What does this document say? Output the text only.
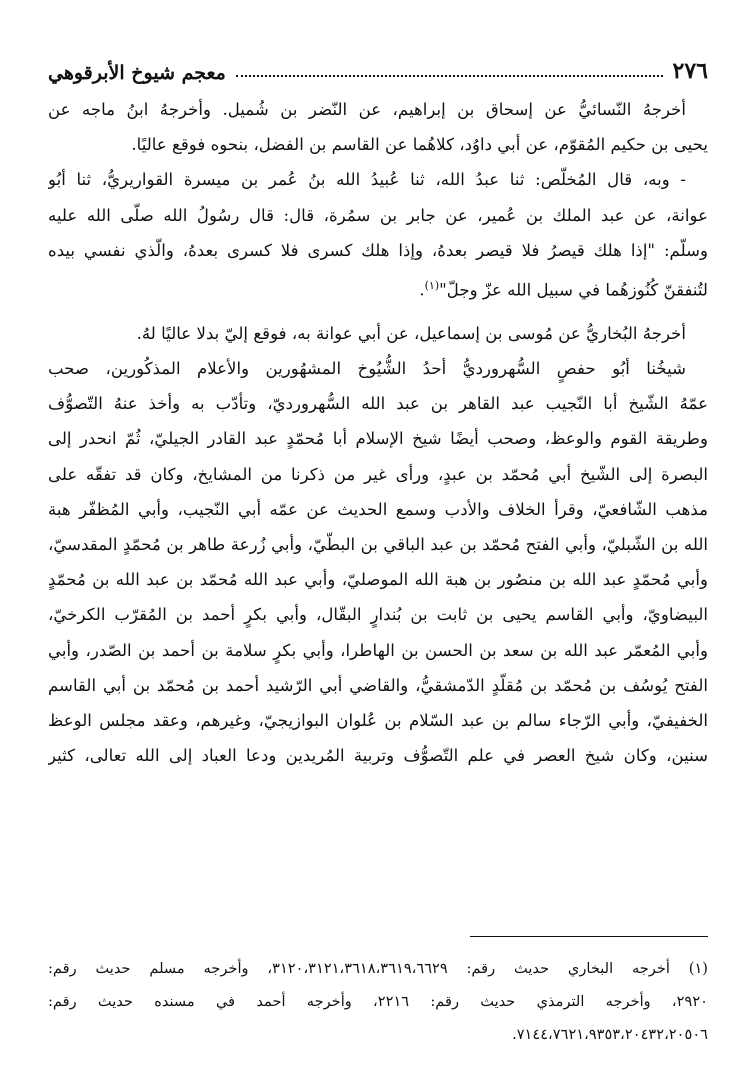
٢٧٦
معجم شيوخ الأبرقوهي
أخرجهُ النّسائيُّ عن إسحاق بن إبراهيم، عن النّضر بن شُميل. وأخرجهُ ابنُ ماجه عن
يحيى بن حكيم المُقوّم، عن أبي داوُد، كلاهُما عن القاسم بن الفضل، بنحوه فوقع عاليًا.
- وبه، قال المُخلّص: ثنا عبدُ الله، ثنا عُبيدُ الله بنُ عُمر بن ميسرة القواريريُّ، ثنا أبُو
عوانة، عن عبد الملك بن عُمير، عن جابر بن سمُرة، قال: قال رسُولُ الله صلّى الله عليه
وسلّم: "إذا هلك قيصرُ فلا قيصر بعدهُ، وإذا هلك كسرى فلا كسرى بعدهُ، والّذي نفسي بيده
لتُنفقنّ كُنُوزهُما في سبيل الله عزّ وجلّ"$^{(١)}$.
أخرجهُ البُخاريُّ عن مُوسى بن إسماعيل، عن أبي عوانة به، فوقع إليّ بدلا عاليًا لهُ.
شيخُنا أبُو حفصٍ السُّهرورديُّ أحدُ الشُّيُوخ المشهُورين والأعلام المذكُورين، صحب
عمّهُ الشّيخ أبا النّجيب عبد القاهر بن عبد الله السُّهرورديّ، وتأدّب به وأخذ عنهُ التّصوُّف
وطريقة القوم والوعظ، وصحب أيضًا شيخ الإسلام أبا مُحمّدٍ عبد القادر الجيليّ، ثُمّ انحدر إلى
البصرة إلى الشّيخ أبي مُحمّد بن عبدٍ، ورأى غير من ذكرنا من المشايخ، وكان قد تفقّه على
مذهب الشّافعيّ، وقرأ الخلاف والأدب وسمع الحديث عن عمّه أبي النّجيب، وأبي المُظفّر هبة
الله بن الشّبليّ، وأبي الفتح مُحمّد بن عبد الباقي بن البطّيّ، وأبي زُرعة طاهر بن مُحمّدٍ المقدسيّ،
وأبي مُحمّدٍ عبد الله بن منصُور بن هبة الله الموصليّ، وأبي عبد الله مُحمّد بن عبد الله بن مُحمّدٍ
البيضاويّ، وأبي القاسم يحيى بن ثابت بن بُندارٍ البقّال، وأبي بكرٍ أحمد بن المُقرّب الكرخيّ،
وأبي المُعمّر عبد الله بن سعد بن الحسن بن الهاطرا، وأبي بكرٍ سلامة بن أحمد بن الصّدر، وأبي
الفتح يُوسُف بن مُحمّد بن مُقلّدٍ الدّمشقيُّ، والقاضي أبي الرّشيد أحمد بن مُحمّد بن أبي القاسم
الخفيفيّ، وأبي الرّجاء سالم بن عبد السّلام بن عُلوان البوازيجيّ، وغيرهم، وعقد مجلس الوعظ
سنين، وكان شيخ العصر في علم التّصوُّف وتربية المُريدين ودعا العباد إلى الله تعالى، كثير
(١) أخرجه البخاري حديث رقم: ٣١٢٠،٣١٢١،٣٦١٨،٣٦١٩،٦٦٢٩، وأخرجه مسلم حديث رقم:
٢٩٢٠، وأخرجه الترمذي حديث رقم: ٢٢١٦، وأخرجه أحمد في مسنده حديث رقم:
٧١٤٤،٧٦٢١،٩٣٥٣،٢٠٤٣٢،٢٠٥٠٦.
